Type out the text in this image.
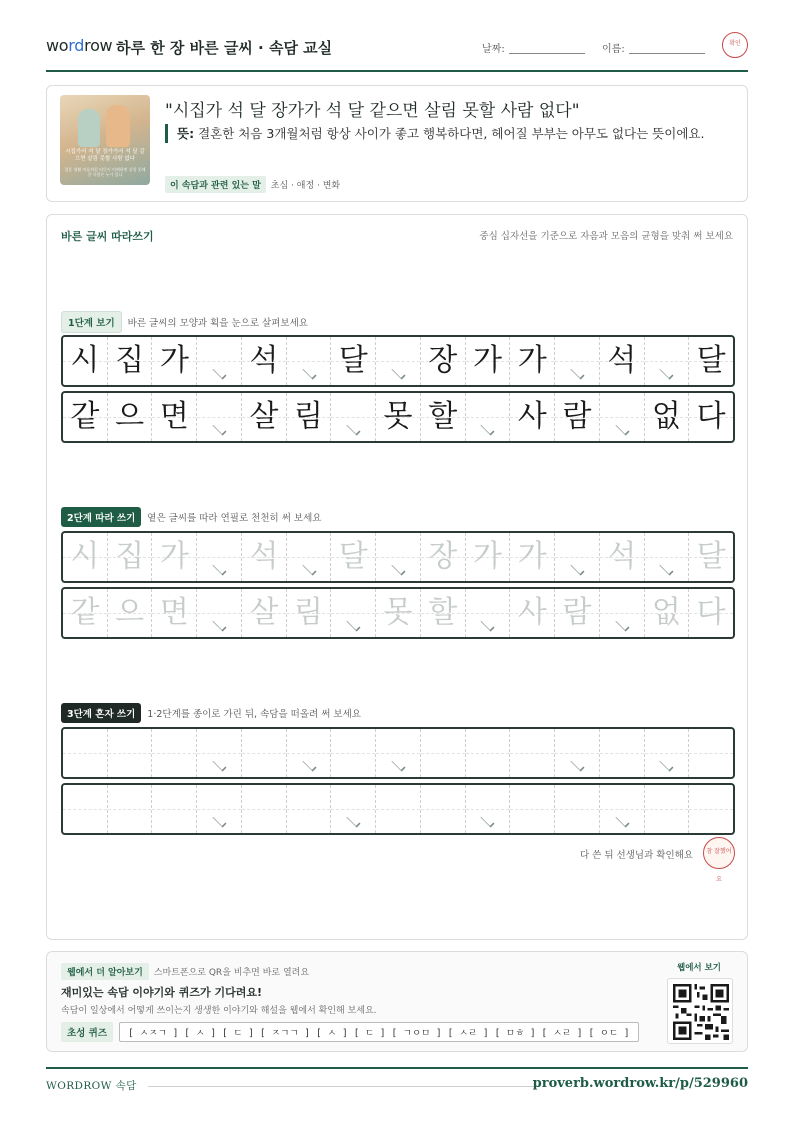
wordrow 하루 한 장 바른 글씨 · 속담 교실	날짜:	이름:
확인
시집가서 석 달 장가가서 석 달 같으면 살림 못할 사람 없다
결혼 생활 처음처럼 따뜻이 이해하면 살림 못해 갈 사람은 누가 있나
"시집가 석 달 장가가 석 달 같으면 살림 못할 사람 없다"
뜻: 결혼한 처음 3개월처럼 항상 사이가 좋고 행복하다면, 헤어질 부부는 아무도 없다는 뜻이에요.
이 속담과 관련 있는 말 초심 · 애정 · 변화
바른 글씨 따라쓰기	중심 십자선을 기준으로 자음과 모음의 균형을 맞춰 써 보세요
1단계 보기 바른 글씨의 모양과 획을 눈으로 살펴보세요
시 집 가 석 달 장 가 가 석 달
같 으 면 살 림 못 할 사 람 없 다
2단계 따라 쓰기 옅은 글씨를 따라 연필로 천천히 써 보세요
시 집 가 석 달 장 가 가 석 달
같 으 면 살 림 못 할 사 람 없 다
3단계 혼자 쓰기 1·2단계를 종이로 가린 뒤, 속담을 떠올려 써 보세요
다 쓴 뒤 선생님과 확인해요	참 잘했어요
웹에서 더 알아보기 스마트폰으로 QR을 비추면 바로 열려요
재미있는 속담 이야기와 퀴즈가 기다려요!
속담이 일상에서 어떻게 쓰이는지 생생한 이야기와 해설을 웹에서 확인해 보세요.
초성 퀴즈 [ ㅅㅈㄱ ] [ ㅅ ] [ ㄷ ] [ ㅈㄱㄱ ] [ ㅅ ] [ ㄷ ] [ ㄱㅇㅁ ] [ ㅅㄹ ] [ ㅁㅎ ] [ ㅅㄹ ] [ ㅇㄷ ]
웹에서 보기
WORDROW 속담	proverb.wordrow.kr/p/529960
